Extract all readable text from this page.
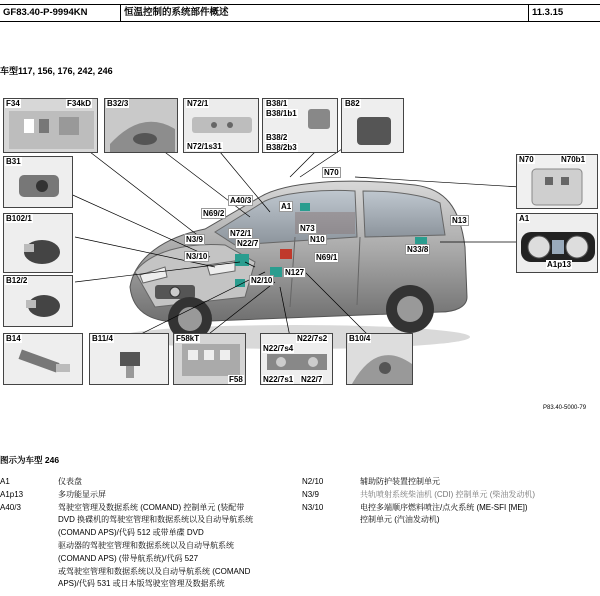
GF83.40-P-9994KN	恒温控制的系统部件概述	11.3.15
车型117, 156, 176, 242, 246
F34	F34kD B32/3	N72/1
N72/1s31
B38/1
B38/1b1
B38/2
B38/2b3
B82
B31	N70	N70b1
B102/1	A1
A1p13
B12/2
B14	B11/4	F58kT
F58
N22/7s2
N22/7s4
N22/7s1 N22/7
B10/4
N70
A40/3
A1
N69/2
N13
N73
N72/1
N3/9	N10
N22/7
N33/8
N3/10	N69/1
N127
N2/10
P83.40-5000-79
图示为车型 246
A1	仪表盘
A1p13	多功能显示屏
A40/3	驾驶室管理及数据系统 (COMAND) 控制单元 (装配带
DVD 换碟机的驾驶室管理和数据系统以及自动导航系统
(COMAND APS)/代码 512 或带单碟 DVD
驱动器的驾驶室管理和数据系统以及自动导航系统
(COMAND APS) (带导航系统)/代码 527
或驾驶室管理和数据系统以及自动导航系统 (COMAND
APS)/代码 531 或日本版驾驶室管理及数据系统
N2/10	辅助防护装置控制单元
N3/9	共轨喷射系统柴油机 (CDI) 控制单元 (柴油发动机)
N3/10	电控多端顺序燃料喷注/点火系统 (ME-SFI [ME])
控制单元 (汽油发动机)
